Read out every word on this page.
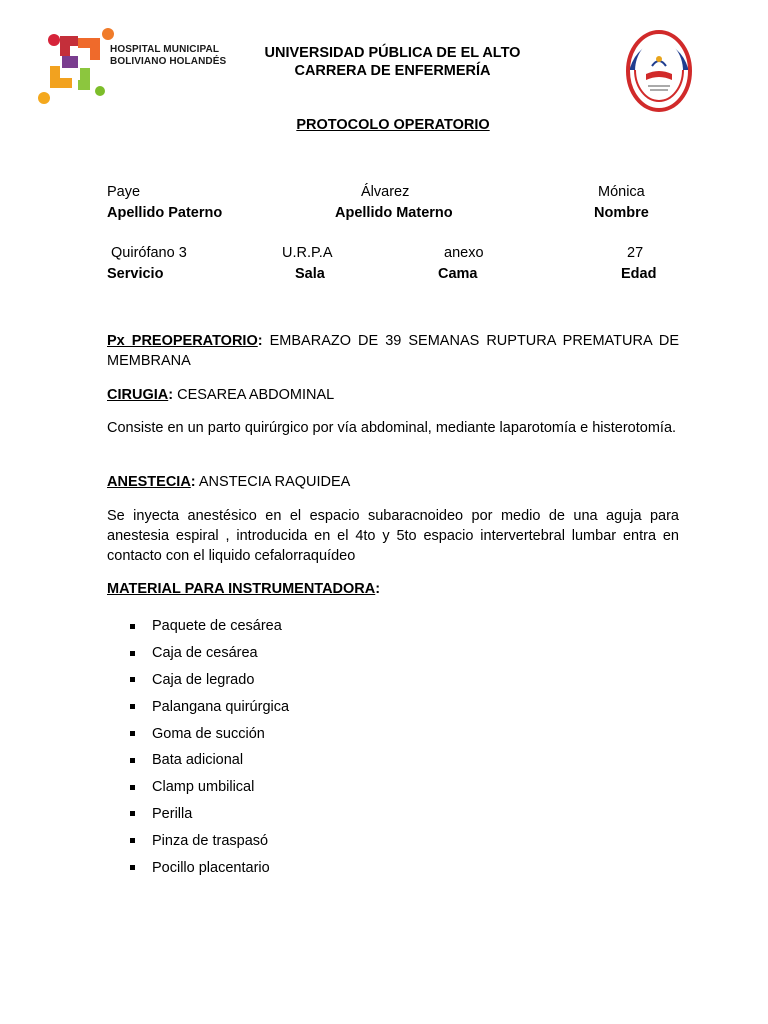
HOSPITAL MUNICIPAL
BOLIVIANO HOLANDÉS
UNIVERSIDAD PÚBLICA DE EL ALTO
CARRERA DE ENFERMERÍA
PROTOCOLO OPERATORIO
Paye	Álvarez	Mónica
Apellido Paterno	Apellido Materno	Nombre
Quirófano 3	U.R.P.A	anexo	27
Servicio	Sala	Cama	Edad
Px PREOPERATORIO: EMBARAZO DE 39 SEMANAS RUPTURA PREMATURA DE MEMBRANA
CIRUGIA: CESAREA ABDOMINAL
Consiste en un parto quirúrgico por vía abdominal, mediante laparotomía e histerotomía.
ANESTECIA: ANSTECIA RAQUIDEA
Se inyecta anestésico en el espacio subaracnoideo por medio de una aguja para anestesia espiral , introducida en el 4to y 5to espacio intervertebral lumbar entra en contacto con el liquido cefalorraquídeo
MATERIAL PARA INSTRUMENTADORA:
Paquete de cesárea
Caja de cesárea
Caja de legrado
Palangana quirúrgica
Goma de succión
Bata adicional
Clamp umbilical
Perilla
Pinza de traspasó
Pocillo placentario
